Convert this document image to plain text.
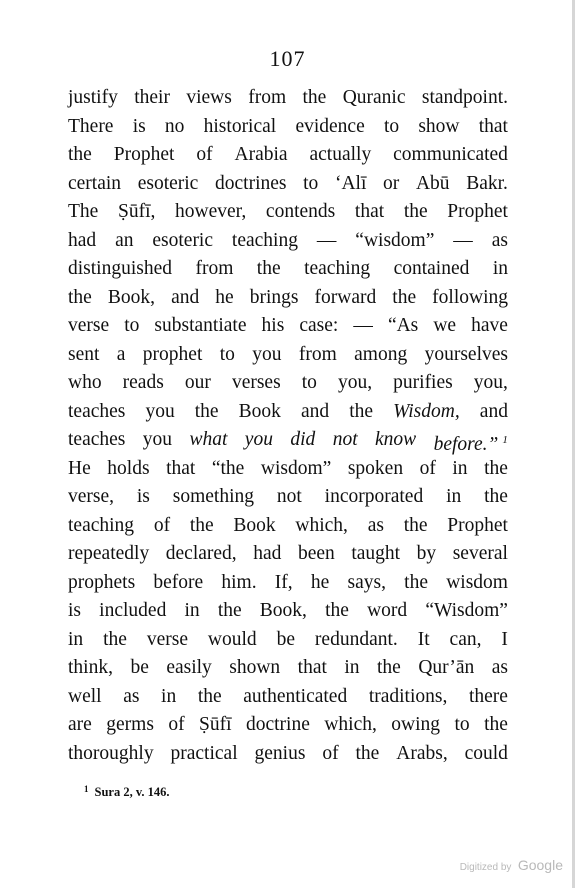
107
justify their views from the Quranic standpoint.
There is no historical evidence to show that
the Prophet of Arabia actually communicated
certain esoteric doctrines to ‘Alī or Abū Bakr.
The Ṣūfī, however, contends that the Prophet
had an esoteric teaching — “wisdom” — as
distinguished from the teaching contained in
the Book, and he brings forward the following
verse to substantiate his case: — “As we have
sent a prophet to you from among yourselves
who reads our verses to you, purifies you,
teaches you the Book and the Wisdom, and
teaches you what you did not know before.” $^1$
He holds that “the wisdom” spoken of in the
verse, is something not incorporated in the
teaching of the Book which, as the Prophet
repeatedly declared, had been taught by several
prophets before him. If, he says, the wisdom
is included in the Book, the word “Wisdom”
in the verse would be redundant. It can, I
think, be easily shown that in the Qur’ān as
well as in the authenticated traditions, there
are germs of Ṣūfī doctrine which, owing to the
thoroughly practical genius of the Arabs, could
$^1$ Sura 2, v. 146.
Digitized by Google
